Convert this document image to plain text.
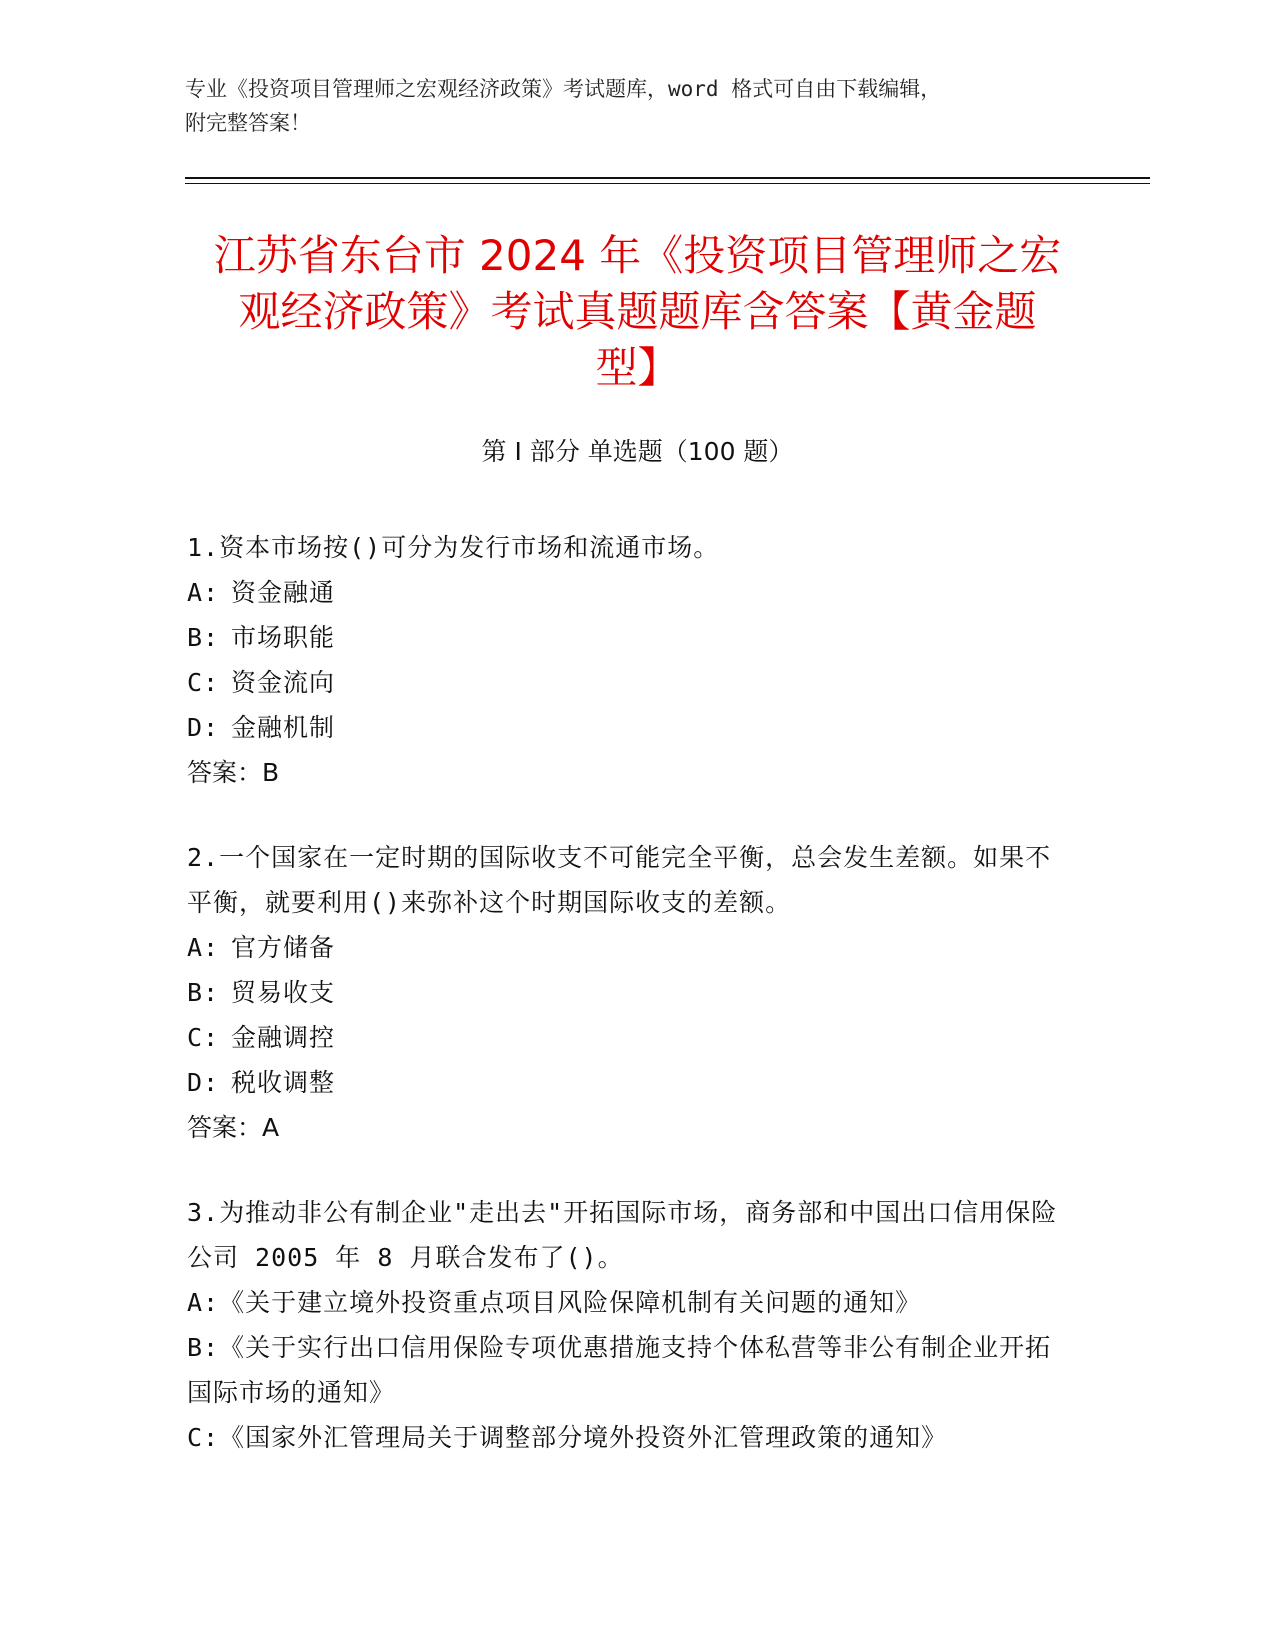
专业《投资项目管理师之宏观经济政策》考试题库，word 格式可自由下载编辑，
附完整答案！
江苏省东台市 2024 年《投资项目管理师之宏
观经济政策》考试真题题库含答案【黄金题
型】
第 I 部分 单选题（100 题）
1.资本市场按()可分为发行市场和流通市场。
A: 资金融通
B: 市场职能
C: 资金流向
D: 金融机制
答案：B
2.一个国家在一定时期的国际收支不可能完全平衡，总会发生差额。如果不平衡，就要利用()来弥补这个时期国际收支的差额。
A: 官方储备
B: 贸易收支
C: 金融调控
D: 税收调整
答案：A
3.为推动非公有制企业"走出去"开拓国际市场，商务部和中国出口信用保险公司 2005 年 8 月联合发布了()。
A:《关于建立境外投资重点项目风险保障机制有关问题的通知》
B:《关于实行出口信用保险专项优惠措施支持个体私营等非公有制企业开拓国际市场的通知》
C:《国家外汇管理局关于调整部分境外投资外汇管理政策的通知》
